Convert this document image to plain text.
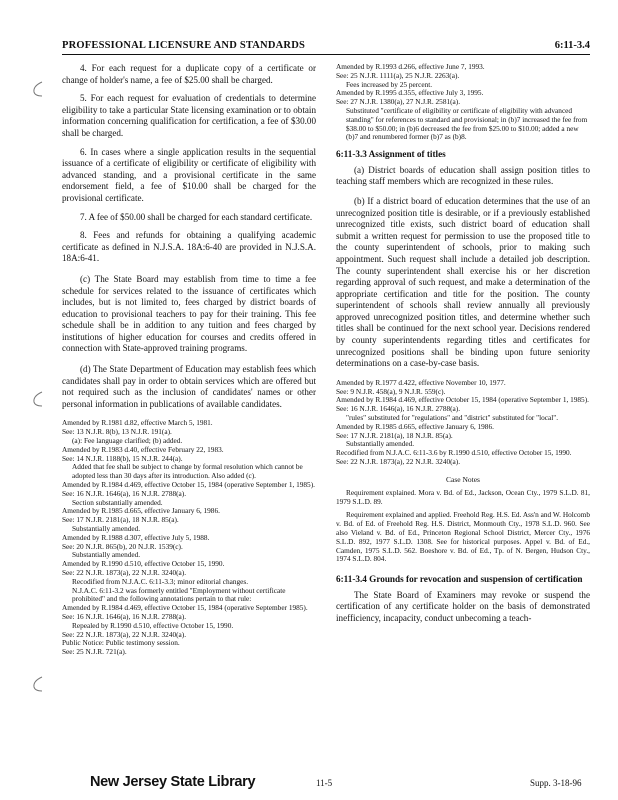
PROFESSIONAL LICENSURE AND STANDARDS	6:11-3.4

4. For each request for a duplicate copy of a certificate or change of holder's name, a fee of $25.00 shall be charged.

5. For each request for evaluation of credentials to determine eligibility to take a particular State licensing examination or to obtain information concerning qualification for certification, a fee of $30.00 shall be charged.

6. In cases where a single application results in the sequential issuance of a certificate of eligibility or certificate of eligibility with advanced standing, and a provisional certificate in the same endorsement field, a fee of $10.00 shall be charged for the provisional certificate.

7. A fee of $50.00 shall be charged for each standard certificate.

8. Fees and refunds for obtaining a qualifying academic certificate as defined in N.J.S.A. 18A:6-40 are provided in N.J.S.A. 18A:6-41.

(c) The State Board may establish from time to time a fee schedule for services related to the issuance of certificates which includes, but is not limited to, fees charged by district boards of education to provisional teachers to pay for their training. This fee schedule shall be in addition to any tuition and fees charged by institutions of higher education for courses and credits offered in connection with State-approved training programs.

(d) The State Department of Education may establish fees which candidates shall pay in order to obtain services which are offered but not required such as the inclusion of candidates' names or other personal information in publications of available candidates.

Amended by R.1981 d.82, effective March 5, 1981.
See: 13 N.J.R. 8(b), 13 N.J.R. 191(a).
(a): Fee language clarified; (b) added.
Amended by R.1983 d.40, effective February 22, 1983.
See: 14 N.J.R. 1188(b), 15 N.J.R. 244(a).
Added that fee shall be subject to change by formal resolution which cannot be adopted less than 30 days after its introduction. Also added (c).
Amended by R.1984 d.469, effective October 15, 1984 (operative September 1, 1985).
See: 16 N.J.R. 1646(a), 16 N.J.R. 2788(a).
Section substantially amended.
Amended by R.1985 d.665, effective January 6, 1986.
See: 17 N.J.R. 2181(a), 18 N.J.R. 85(a).
Substantially amended.
Amended by R.1988 d.307, effective July 5, 1988.
See: 20 N.J.R. 865(b), 20 N.J.R. 1539(c).
Substantially amended.
Amended by R.1990 d.510, effective October 15, 1990.
See: 22 N.J.R. 1873(a), 22 N.J.R. 3240(a).
Recodified from N.J.A.C. 6:11-3.3; minor editorial changes.
N.J.A.C. 6:11-3.2 was formerly entitled "Employment without certificate prohibited" and the following annotations pertain to that rule:
Amended by R.1984 d.469, effective October 15, 1984 (operative September 1985).
See: 16 N.J.R. 1646(a), 16 N.J.R. 2788(a).
Repealed by R.1990 d.510, effective October 15, 1990.
See: 22 N.J.R. 1873(a), 22 N.J.R. 3240(a).
Public Notice: Public testimony session.
See: 25 N.J.R. 721(a).
Amended by R.1993 d.266, effective June 7, 1993.
See: 25 N.J.R. 1111(a), 25 N.J.R. 2263(a).
Fees increased by 25 percent.
Amended by R.1995 d.355, effective July 3, 1995.
See: 27 N.J.R. 1380(a), 27 N.J.R. 2581(a).
Substituted "certificate of eligibility or certificate of eligibility with advanced standing" for references to standard and provisional; in (b)7 increased the fee from $38.00 to $50.00; in (b)6 decreased the fee from $25.00 to $10.00; added a new (b)7 and renumbered former (b)7 as (b)8.

6:11-3.3 Assignment of titles

(a) District boards of education shall assign position titles to teaching staff members which are recognized in these rules.

(b) If a district board of education determines that the use of an unrecognized position title is desirable, or if a previously established unrecognized title exists, such district board of education shall submit a written request for permission to use the proposed title to the county superintendent of schools, prior to making such appointment. Such request shall include a detailed job description. The county superintendent shall exercise his or her discretion regarding approval of such request, and make a determination of the appropriate certification and title for the position. The county superintendent of schools shall review annually all previously approved unrecognized position titles, and determine whether such titles shall be continued for the next school year. Decisions rendered by county superintendents regarding titles and certificates for unrecognized positions shall be binding upon future seniority determinations on a case-by-case basis.

Amended by R.1977 d.422, effective November 10, 1977.
See: 9 N.J.R. 458(a), 9 N.J.R. 559(c).
Amended by R.1984 d.469, effective October 15, 1984 (operative September 1, 1985).
See: 16 N.J.R. 1646(a), 16 N.J.R. 2788(a).
"rules" substituted for "regulations" and "district" substituted for "local".
Amended by R.1985 d.665, effective January 6, 1986.
See: 17 N.J.R. 2181(a), 18 N.J.R. 85(a).
Substantially amended.
Recodified from N.J.A.C. 6:11-3.6 by R.1990 d.510, effective October 15, 1990.
See: 22 N.J.R. 1873(a), 22 N.J.R. 3240(a).
Case Notes

Requirement explained. Mora v. Bd. of Ed., Jackson, Ocean Cty., 1979 S.L.D. 81, 1979 S.L.D. 89.

Requirement explained and applied. Freehold Reg. H.S. Ed. Ass'n and W. Holcomb v. Bd. of Ed. of Freehold Reg. H.S. District, Monmouth Cty., 1978 S.L.D. 960. See also Vieland v. Bd. of Ed., Princeton Regional School District, Mercer Cty., 1976 S.L.D. 892, 1977 S.L.D. 1308. See for historical purposes. Appel v. Bd. of Ed., Camden, 1975 S.L.D. 562. Boeshore v. Bd. of Ed., Tp. of N. Bergen, Hudson Cty., 1974 S.L.D. 804.

6:11-3.4 Grounds for revocation and suspension of certification

The State Board of Examiners may revoke or suspend the certification of any certificate holder on the basis of demonstrated inefficiency, incapacity, conduct unbecoming a teach-

New Jersey State Library	11-5	Supp. 3-18-96
